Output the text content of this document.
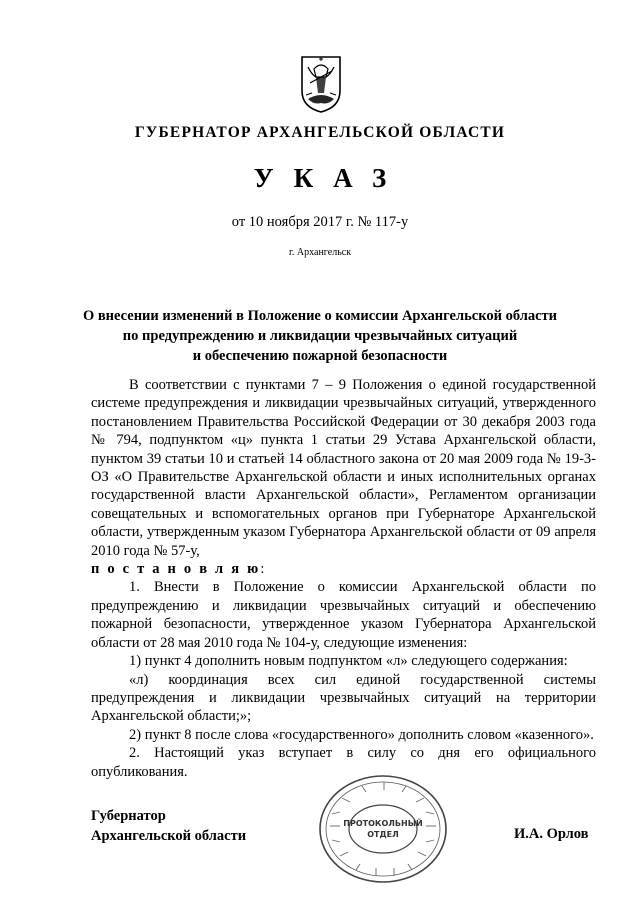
ГУБЕРНАТОР АРХАНГЕЛЬСКОЙ ОБЛАСТИ
УКАЗ
от 10 ноября 2017 г. № 117-у
г. Архангельск
О внесении изменений в Положение о комиссии Архангельской области
по предупреждению и ликвидации чрезвычайных ситуаций
и обеспечению пожарной безопасности

В соответствии с пунктами 7 – 9 Положения о единой государственной системе предупреждения и ликвидации чрезвычайных ситуаций, утвержденного постановлением Правительства Российской Федерации от 30 декабря 2003 года № 794, подпунктом «ц» пункта 1 статьи 29 Устава Архангельской области, пунктом 39 статьи 10 и статьей 14 областного закона от 20 мая 2009 года № 19-3-ОЗ «О Правительстве Архангельской области и иных исполнительных органах государственной власти Архангельской области», Регламентом организации совещательных и вспомогательных органов при Губернаторе Архангельской области, утвержденным указом Губернатора Архангельской области от 09 апреля 2010 года № 57-у,

п о с т а н о в л я ю:

1. Внести в Положение о комиссии Архангельской области по предупреждению и ликвидации чрезвычайных ситуаций и обеспечению пожарной безопасности, утвержденное указом Губернатора Архангельской области от 28 мая 2010 года № 104-у, следующие изменения:

1) пункт 4 дополнить новым подпунктом «л» следующего содержания:

«л) координация всех сил единой государственной системы предупреждения и ликвидации чрезвычайных ситуаций на территории Архангельской области;»;

2) пункт 8 после слова «государственного» дополнить словом «казенного».

2. Настоящий указ вступает в силу со дня его официального опубликования.

ПРОТОКОЛЬНЫЙ
ОТДЕЛ
Губернатор
Архангельской области	И.А. Орлов
